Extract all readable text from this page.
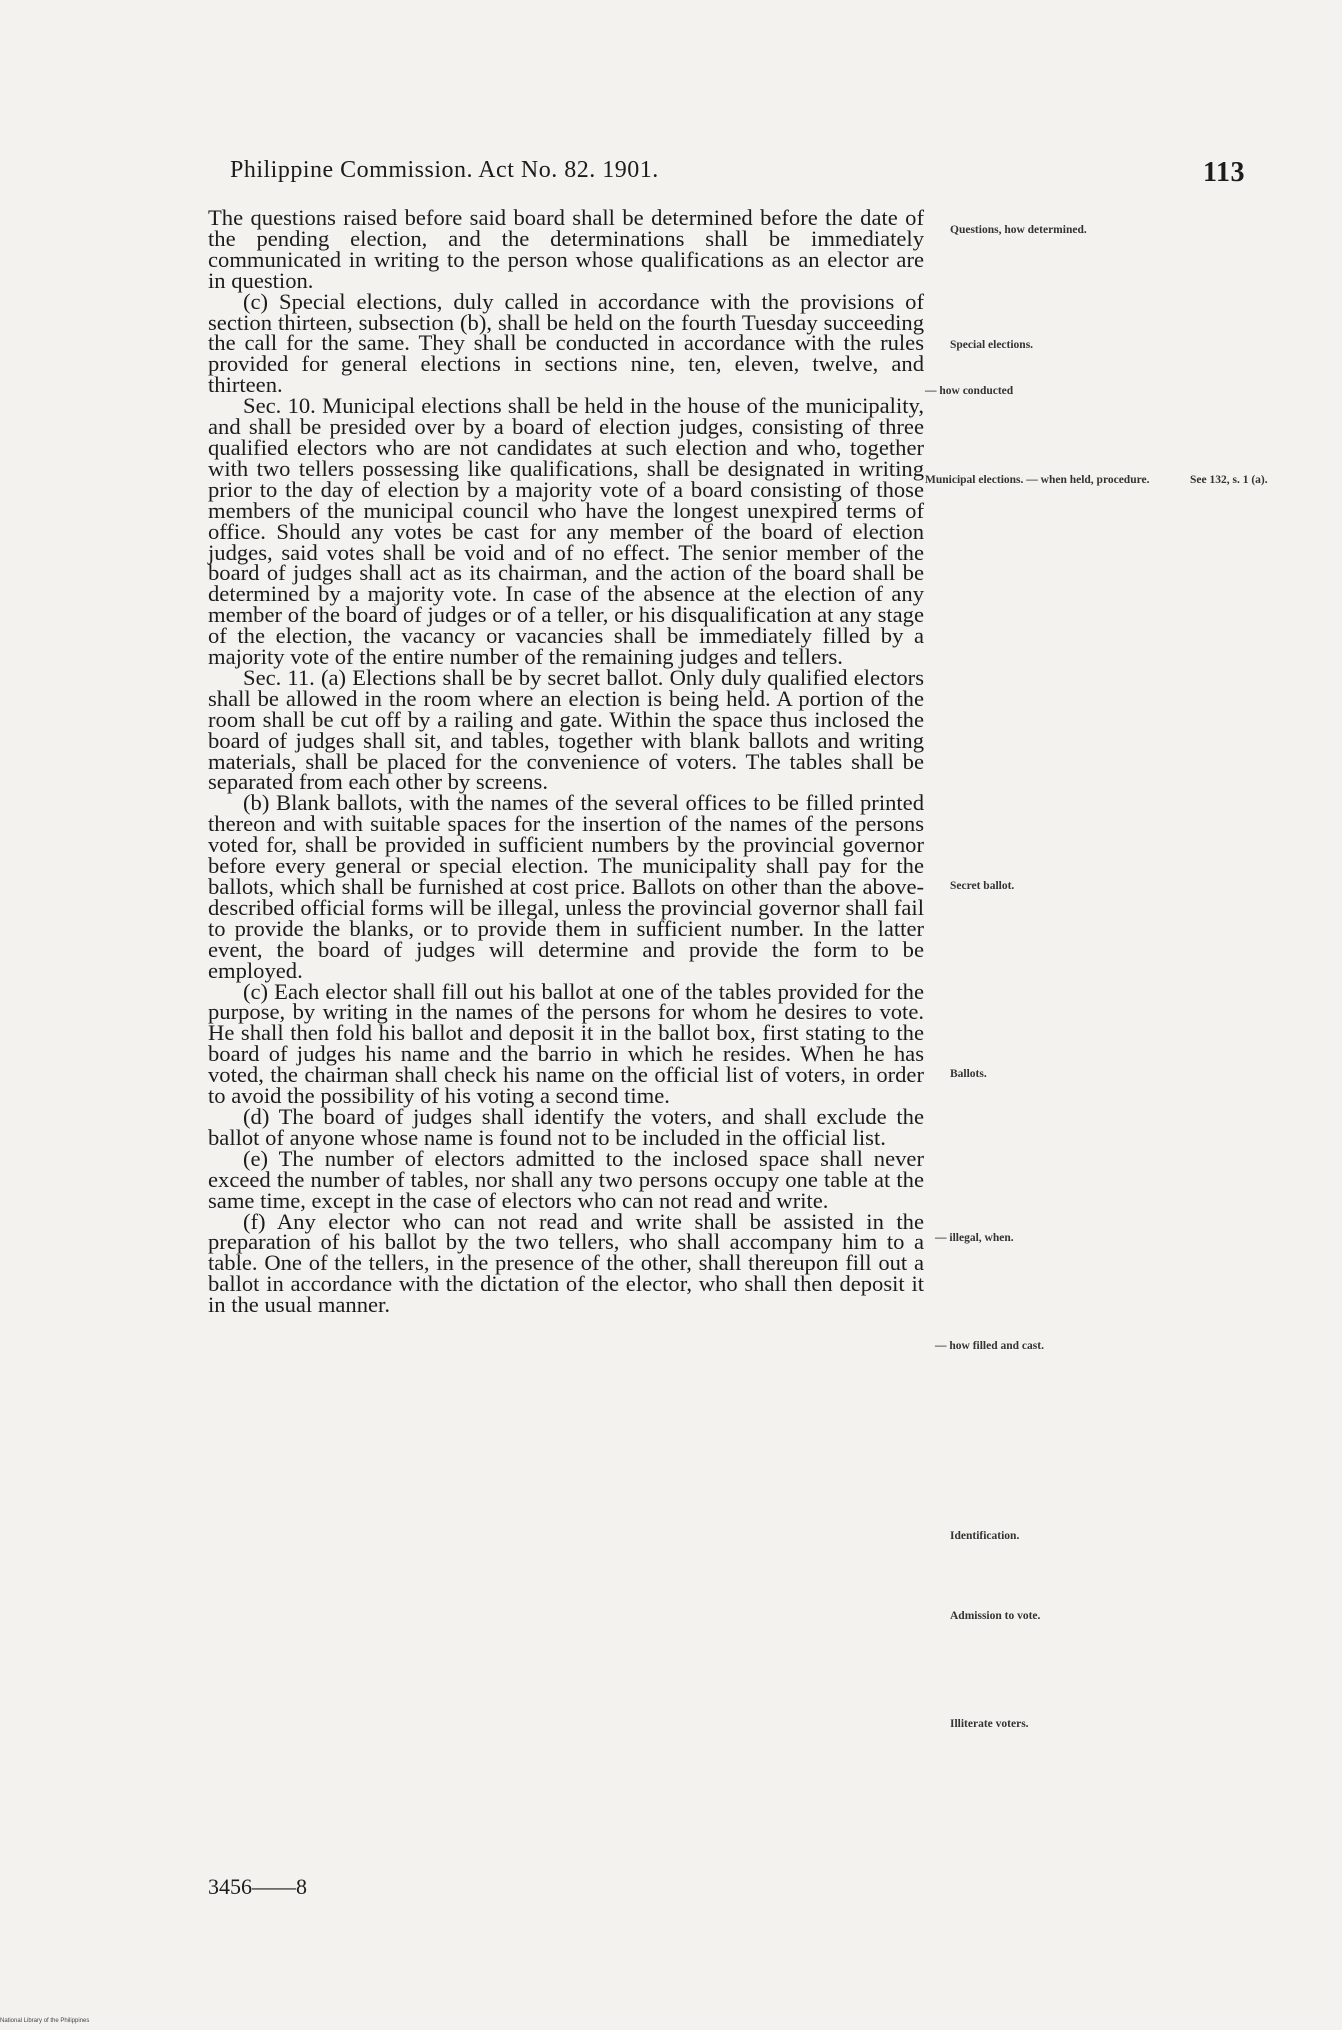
Philippine Commission. Act No. 82. 1901.	113

The questions raised before said board shall be determined before the date of the pending election, and the determinations shall be immediately communicated in writing to the person whose qualifications as an elector are in question.

(c) Special elections, duly called in accordance with the provisions of section thirteen, subsection (b), shall be held on the fourth Tuesday succeeding the call for the same. They shall be conducted in accordance with the rules provided for general elections in sections nine, ten, eleven, twelve, and thirteen.

Sec. 10. Municipal elections shall be held in the house of the municipality, and shall be presided over by a board of election judges, consisting of three qualified electors who are not candidates at such election and who, together with two tellers possessing like qualifications, shall be designated in writing prior to the day of election by a majority vote of a board consisting of those members of the municipal council who have the longest unexpired terms of office. Should any votes be cast for any member of the board of election judges, said votes shall be void and of no effect. The senior member of the board of judges shall act as its chairman, and the action of the board shall be determined by a majority vote. In case of the absence at the election of any member of the board of judges or of a teller, or his disqualification at any stage of the election, the vacancy or vacancies shall be immediately filled by a majority vote of the entire number of the remaining judges and tellers.

Sec. 11. (a) Elections shall be by secret ballot. Only duly qualified electors shall be allowed in the room where an election is being held. A portion of the room shall be cut off by a railing and gate. Within the space thus inclosed the board of judges shall sit, and tables, together with blank ballots and writing materials, shall be placed for the convenience of voters. The tables shall be separated from each other by screens.

(b) Blank ballots, with the names of the several offices to be filled printed thereon and with suitable spaces for the insertion of the names of the persons voted for, shall be provided in sufficient numbers by the provincial governor before every general or special election. The municipality shall pay for the ballots, which shall be furnished at cost price. Ballots on other than the above-described official forms will be illegal, unless the provincial governor shall fail to provide the blanks, or to provide them in sufficient number. In the latter event, the board of judges will determine and provide the form to be employed.

(c) Each elector shall fill out his ballot at one of the tables provided for the purpose, by writing in the names of the persons for whom he desires to vote. He shall then fold his ballot and deposit it in the ballot box, first stating to the board of judges his name and the barrio in which he resides. When he has voted, the chairman shall check his name on the official list of voters, in order to avoid the possibility of his voting a second time.

(d) The board of judges shall identify the voters, and shall exclude the ballot of anyone whose name is found not to be included in the official list.

(e) The number of electors admitted to the inclosed space shall never exceed the number of tables, nor shall any two persons occupy one table at the same time, except in the case of electors who can not read and write.

(f) Any elector who can not read and write shall be assisted in the preparation of his ballot by the two tellers, who shall accompany him to a table. One of the tellers, in the presence of the other, shall thereupon fill out a ballot in accordance with the dictation of the elector, who shall then deposit it in the usual manner.

Questions, how determined.
Special elections.
— how conducted
Municipal elections. — when held, procedure.	See 132, s. 1 (a).
Secret ballot.
Ballots.
— illegal, when.
— how filled and cast.
Identification.
Admission to vote.
Illiterate voters.
3456——8
National Library of the Philippines
